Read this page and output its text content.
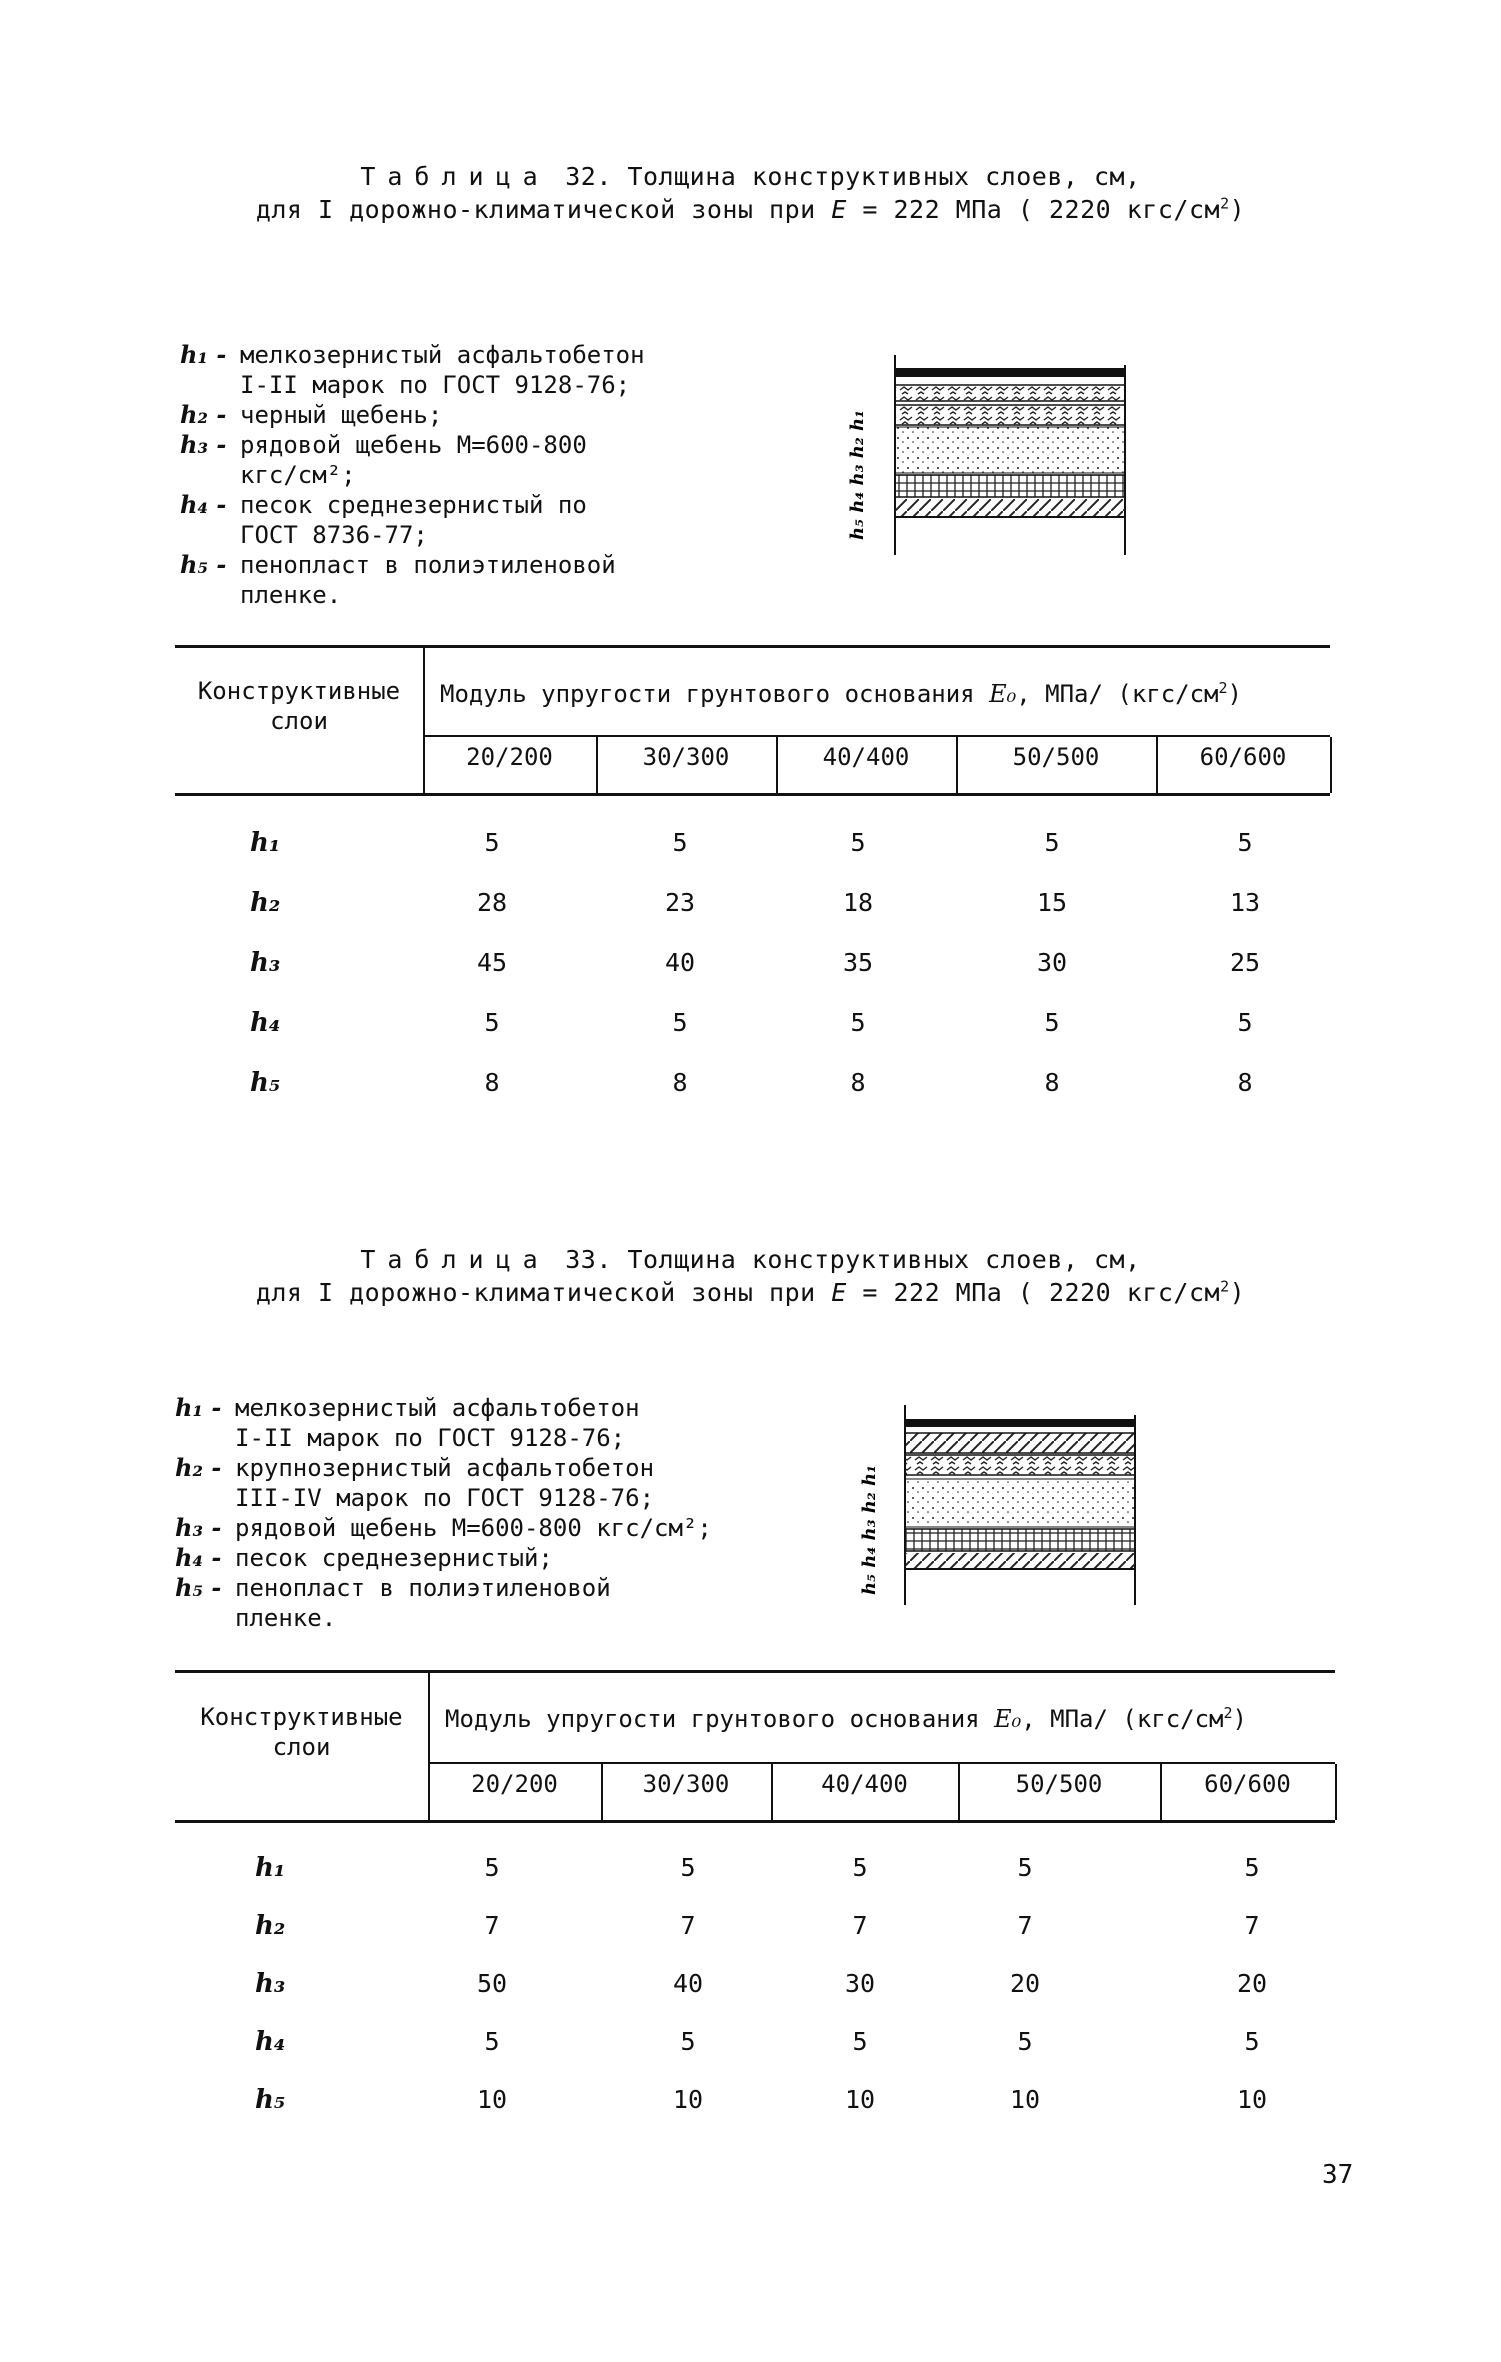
Таблица 32. Толщина конструктивных слоев, см,
для I дорожно-климатической зоны при E = 222 МПа ( 2220 кгс/$см^2$)
h₁ - мелкозернистый асфальтобетон
I-II марок по ГОСТ 9128-76;
h₂ - черный щебень;
h₃ - рядовой щебень М=600-800
кгс/см²;
h₄ - песок среднезернистый по
ГОСТ 8736-77;
h₅ - пенопласт в полиэтиленовой
пленке.
h₅ h₄ h₃ h₂ h₁
Конструктивные
слои
Модуль упругости грунтового основания E₀, МПа/ $(кгс/см^2)$
20/200	30/300	40/400	50/500	60/600
h₁	5	5	5	5	5
h₂	28	23	18	15	13
h₃	45	40	35	30	25
h₄	5	5	5	5	5
h₅	8	8	8	8	8
Таблица 33. Толщина конструктивных слоев, см,
для I дорожно-климатической зоны при E = 222 МПа ( 2220 кгс/$см^2$)
h₁ - мелкозернистый асфальтобетон
I-II марок по ГОСТ 9128-76;
h₂ - крупнозернистый асфальтобетон
III-IV марок по ГОСТ 9128-76;
h₃ - рядовой щебень М=600-800 кгс/см²;
h₄ - песок среднезернистый;
h₅ - пенопласт в полиэтиленовой
пленке.
h₅ h₄ h₃ h₂ h₁
Конструктивные
слои
Модуль упругости грунтового основания E₀, МПа/ $(кгс/см^2)$
20/200	30/300	40/400	50/500	60/600
h₁	5	5	5	5	5
h₂	7	7	7	7	7
h₃	50	40	30	20	20
h₄	5	5	5	5	5
h₅	10	10	10	10	10
37
